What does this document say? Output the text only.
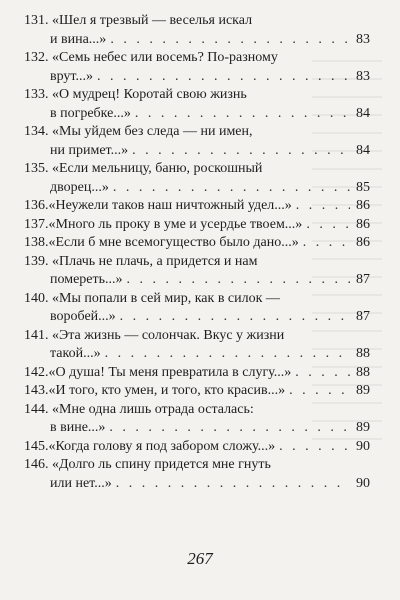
131. «Шел я трезвый — веселья искал
и вина...» . . .	83
132. «Семь небес или восемь? По-разному
врут...» . . .	83
133. «О мудрец! Коротай свою жизнь
в погребке...» . . .	84
134. «Мы уйдем без следа — ни имен,
ни примет...» . . .	84
135. «Если мельницу, баню, роскошный
дворец...» . . .	85
136. «Неужели таков наш ничтожный удел...» . . .	86
137. «Много ль проку в уме и усердье твоем...» . . .	86
138. «Если б мне всемогущество было дано...» . . .	86
139. «Плачь не плачь, а придется и нам
помереть...» . . .	87
140. «Мы попали в сей мир, как в силок —
воробей...» . . .	87
141. «Эта жизнь — солончак. Вкус у жизни
такой...» . . .	88
142. «О душа! Ты меня превратила в слугу...» . . .	88
143. «И того, кто умен, и того, кто красив...» . . .	89
144. «Мне одна лишь отрада осталась:
в вине...» . . .	89
145. «Когда голову я под забором сложу...» . . .	90
146. «Долго ль спину придется мне гнуть
или нет...» . . .	90
267
